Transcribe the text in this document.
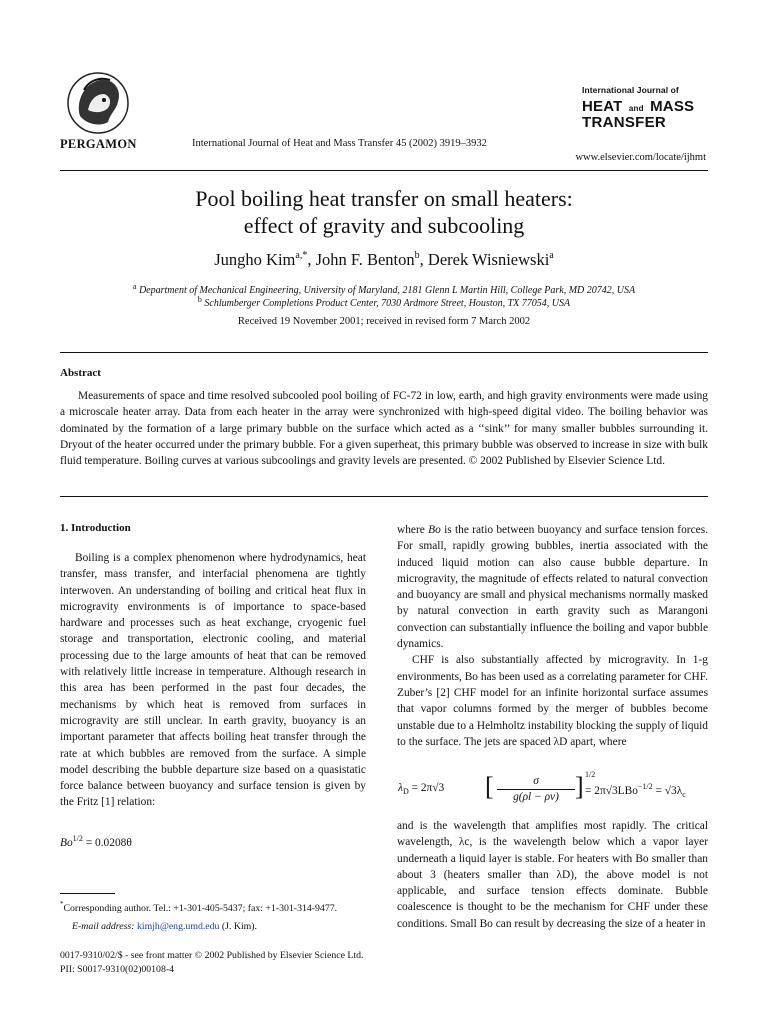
PERGAMON	International Journal of Heat and Mass Transfer 45 (2002) 3919–3932
International Journal of
HEAT and MASS
TRANSFER
www.elsevier.com/locate/ijhmt
Pool boiling heat transfer on small heaters:
effect of gravity and subcooling
Jungho Kim$^{a,*}$, John F. Benton$^b$, Derek Wisniewski$^a$
$^a$ Department of Mechanical Engineering, University of Maryland, 2181 Glenn L Martin Hill, College Park, MD 20742, USA
$^b$ Schlumberger Completions Product Center, 7030 Ardmore Street, Houston, TX 77054, USA
Received 19 November 2001; received in revised form 7 March 2002
Abstract

Measurements of space and time resolved subcooled pool boiling of FC-72 in low, earth, and high gravity environments were made using a microscale heater array. Data from each heater in the array were synchronized with high-speed digital video. The boiling behavior was dominated by the formation of a large primary bubble on the surface which acted as a ‘‘sink’’ for many smaller bubbles surrounding it. Dryout of the heater occurred under the primary bubble. For a given superheat, this primary bubble was observed to increase in size with bulk fluid temperature. Boiling curves at various subcoolings and gravity levels are presented. © 2002 Published by Elsevier Science Ltd.

1. Introduction

Boiling is a complex phenomenon where hydrodynamics, heat transfer, mass transfer, and interfacial phenomena are tightly interwoven. An understanding of boiling and critical heat flux in microgravity environments is of importance to space-based hardware and processes such as heat exchange, cryogenic fuel storage and transportation, electronic cooling, and material processing due to the large amounts of heat that can be removed with relatively little increase in temperature. Although research in this area has been performed in the past four decades, the mechanisms by which heat is removed from surfaces in microgravity are still unclear. In earth gravity, buoyancy is an important parameter that affects boiling heat transfer through the rate at which bubbles are removed from the surface. A simple model describing the bubble departure size based on a quasistatic force balance between buoyancy and surface tension is given by the Fritz [1] relation:

$Bo^{1/2} = 0.0208\theta$

*Corresponding author. Tel.: +1-301-405-5437; fax: +1-301-314-9477.

E-mail address: kimjh@eng.umd.edu (J. Kim).

where Bo is the ratio between buoyancy and surface tension forces. For small, rapidly growing bubbles, inertia associated with the induced liquid motion can also cause bubble departure. In microgravity, the magnitude of effects related to natural convection and buoyancy are small and physical mechanisms normally masked by natural convection in earth gravity such as Marangoni convection can substantially influence the boiling and vapor bubble dynamics.

CHF is also substantially affected by microgravity. In 1-g environments, Bo has been used as a correlating parameter for CHF. Zuber’s [2] CHF model for an infinite horizontal surface assumes that vapor columns formed by the merger of bubbles become unstable due to a Helmholtz instability blocking the supply of liquid to the surface. The jets are spaced λD apart, where

$\lambda_D = 2\pi√3$ [ $\frac{\sigma}{g(\rho l - \rho v)}$ ] 1/2
= $2\pi√3LBo^{-1/2} = √3\lambda_c$

and is the wavelength that amplifies most rapidly. The critical wavelength, λc, is the wavelength below which a vapor layer underneath a liquid layer is stable. For heaters with Bo smaller than about 3 (heaters smaller than λD), the above model is not applicable, and surface tension effects dominate. Bubble coalescence is thought to be the mechanism for CHF under these conditions. Small Bo can result by decreasing the size of a heater in

0017-9310/02/$ - see front matter © 2002 Published by Elsevier Science Ltd.
PII: S0017-9310(02)00108-4
